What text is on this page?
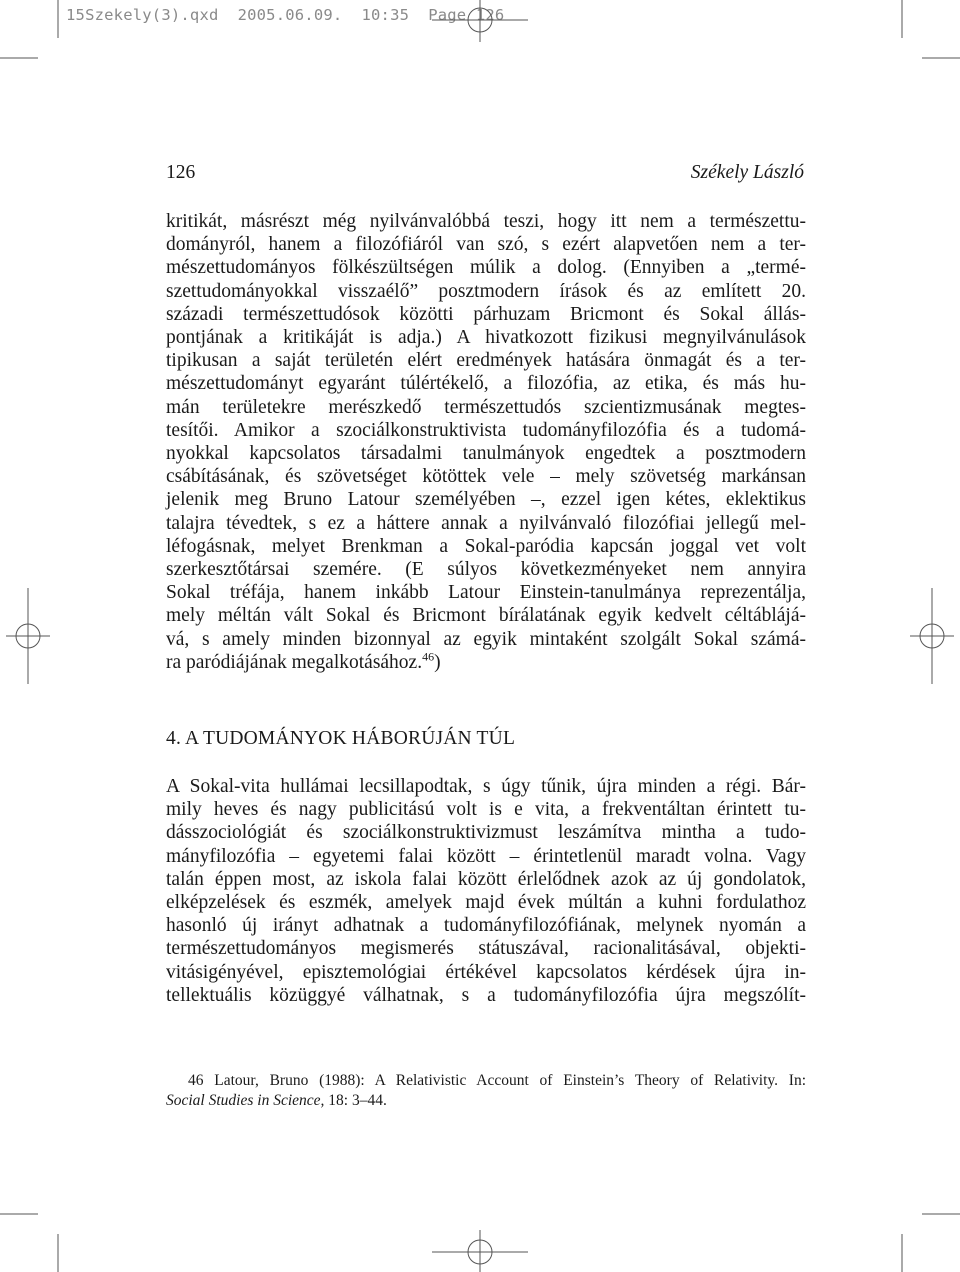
15Szekely(3).qxd  2005.06.09.  10:35  Page 126
126	Székely László
kritikát, másrészt még nyilvánvalóbbá teszi, hogy itt nem a természettu-
dományról, hanem a filozófiáról van szó, s ezért alapvetően nem a ter-
mészettudományos fölkészültségen múlik a dolog. (Ennyiben a „termé-
szettudományokkal visszaélő” posztmodern írások és az említett 20.
századi természettudósok közötti párhuzam Bricmont és Sokal állás-
pontjának a kritikáját is adja.) A hivatkozott fizikusi megnyilvánulások
tipikusan a saját területén elért eredmények hatására önmagát és a ter-
mészettudományt egyaránt túlértékelő, a filozófia, az etika, és más hu-
mán területekre merészkedő természettudós szcientizmusának megtes-
tesítői. Amikor a szociálkonstruktivista tudományfilozófia és a tudomá-
nyokkal kapcsolatos társadalmi tanulmányok engedtek a posztmodern
csábításának, és szövetséget kötöttek vele – mely szövetség markánsan
jelenik meg Bruno Latour személyében –, ezzel igen kétes, eklektikus
talajra tévedtek, s ez a háttere annak a nyilvánvaló filozófiai jellegű mel-
léfogásnak, melyet Brenkman a Sokal-paródia kapcsán joggal vet volt
szerkesztőtársai szemére. (E súlyos következményeket nem annyira
Sokal tréfája, hanem inkább Latour Einstein-tanulmánya reprezentálja,
mely méltán vált Sokal és Bricmont bírálatának egyik kedvelt céltáblájá-
vá, s amely minden bizonnyal az egyik mintaként szolgált Sokal számá-
ra paródiájának megalkotásához.$^{46}$)
4. A TUDOMÁNYOK HÁBORÚJÁN TÚL
A Sokal-vita hullámai lecsillapodtak, s úgy tűnik, újra minden a régi. Bár-
mily heves és nagy publicitású volt is e vita, a frekventáltan érintett tu-
dásszociológiát és szociálkonstruktivizmust leszámítva mintha a tudo-
mányfilozófia – egyetemi falai között – érintetlenül maradt volna. Vagy
talán éppen most, az iskola falai között érlelődnek azok az új gondolatok,
elképzelések és eszmék, amelyek majd évek múltán a kuhni fordulathoz
hasonló új irányt adhatnak a tudományfilozófiának, melynek nyomán a
természettudományos megismerés státuszával, racionalitásával, objekti-
vitásigényével, episztemológiai értékével kapcsolatos kérdések újra in-
tellektuális közüggyé válhatnak, s a tudományfilozófia újra megszólít-
46 Latour, Bruno (1988): A Relativistic Account of Einstein’s Theory of Relativity. In:
Social Studies in Science, 18: 3–44.
